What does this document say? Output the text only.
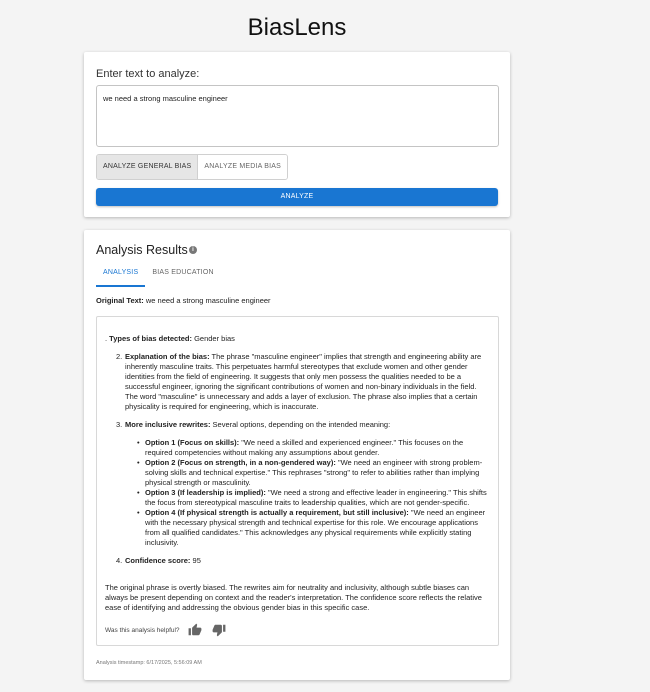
BiasLens
Enter text to analyze:
we need a strong masculine engineer
ANALYZE GENERAL BIAS	ANALYZE MEDIA BIAS
ANALYZE
Analysis Results i
ANALYSIS	BIAS EDUCATION
Original Text: we need a strong masculine engineer

. Types of bias detected: Gender bias

2. Explanation of the bias: The phrase "masculine engineer" implies that strength and engineering ability are inherently masculine traits. This perpetuates harmful stereotypes that exclude women and other gender identities from the field of engineering. It suggests that only men possess the qualities needed to be a successful engineer, ignoring the significant contributions of women and non-binary individuals in the field. The word "masculine" is unnecessary and adds a layer of exclusion. The phrase also implies that a certain physicality is required for engineering, which is inaccurate.

3. More inclusive rewrites: Several options, depending on the intended meaning:

• Option 1 (Focus on skills): "We need a skilled and experienced engineer." This focuses on the required competencies without making any assumptions about gender.

• Option 2 (Focus on strength, in a non-gendered way): "We need an engineer with strong problem-solving skills and technical expertise." This rephrases "strong" to refer to abilities rather than implying physical strength or masculinity.

• Option 3 (If leadership is implied): "We need a strong and effective leader in engineering." This shifts the focus from stereotypical masculine traits to leadership qualities, which are not gender-specific.

• Option 4 (If physical strength is actually a requirement, but still inclusive): "We need an engineer with the necessary physical strength and technical expertise for this role. We encourage applications from all qualified candidates." This acknowledges any physical requirements while explicitly stating inclusivity.

4. Confidence score: 95

The original phrase is overtly biased. The rewrites aim for neutrality and inclusivity, although subtle biases can always be present depending on context and the reader's interpretation. The confidence score reflects the relative ease of identifying and addressing the obvious gender bias in this specific case.

Was this analysis helpful?
Analysis timestamp: 6/17/2025, 5:56:09 AM
